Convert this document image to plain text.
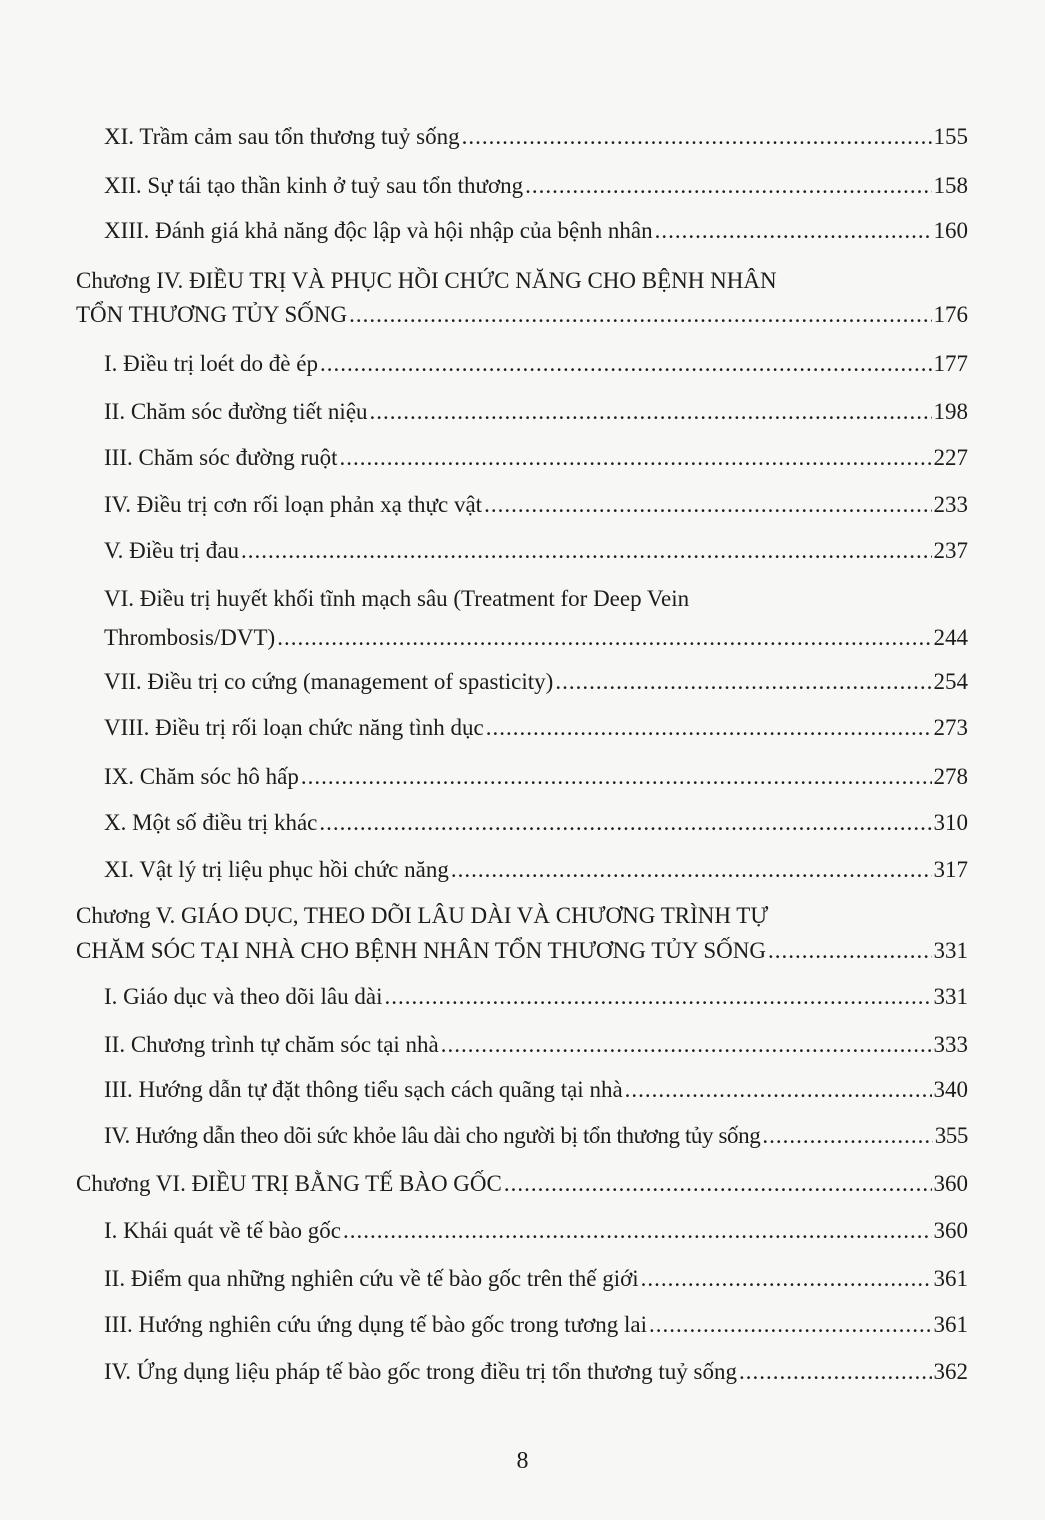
XI. Trầm cảm sau tổn thương tuỷ sống .....	155
XII. Sự tái tạo thần kinh ở tuỷ sau tổn thương .....	158
XIII. Đánh giá khả năng độc lập và hội nhập của bệnh nhân .....	160
Chương IV. ĐIỀU TRỊ VÀ PHỤC HỒI CHỨC NĂNG CHO BỆNH NHÂN
TỔN THƯƠNG TỦY SỐNG .....	176
I. Điều trị loét do đè ép .....	177
II. Chăm sóc đường tiết niệu .....	198
III. Chăm sóc đường ruột .....	227
IV. Điều trị cơn rối loạn phản xạ thực vật .....	233
V. Điều trị đau .....	237
VI. Điều trị huyết khối tĩnh mạch sâu (Treatment for Deep Vein
Thrombosis/DVT) .....	244
VII. Điều trị co cứng (management of spasticity) .....	254
VIII. Điều trị rối loạn chức năng tình dục .....	273
IX. Chăm sóc hô hấp .....	278
X. Một số điều trị khác .....	310
XI. Vật lý trị liệu phục hồi chức năng .....	317
Chương V. GIÁO DỤC, THEO DÕI LÂU DÀI VÀ CHƯƠNG TRÌNH TỰ
CHĂM SÓC TẠI NHÀ CHO BỆNH NHÂN TỔN THƯƠNG TỦY SỐNG .....	331
I. Giáo dục và theo dõi lâu dài .....	331
II. Chương trình tự chăm sóc tại nhà .....	333
III. Hướng dẫn tự đặt thông tiểu sạch cách quãng tại nhà .....	340
IV. Hướng dẫn theo dõi sức khỏe lâu dài cho người bị tổn thương tủy sống .....	355
Chương VI. ĐIỀU TRỊ BẰNG TẾ BÀO GỐC .....	360
I. Khái quát về tế bào gốc .....	360
II. Điểm qua những nghiên cứu về tế bào gốc trên thế giới .....	361
III. Hướng nghiên cứu ứng dụng tế bào gốc trong tương lai .....	361
IV. Ứng dụng liệu pháp tế bào gốc trong điều trị tổn thương tuỷ sống .....	362
8
